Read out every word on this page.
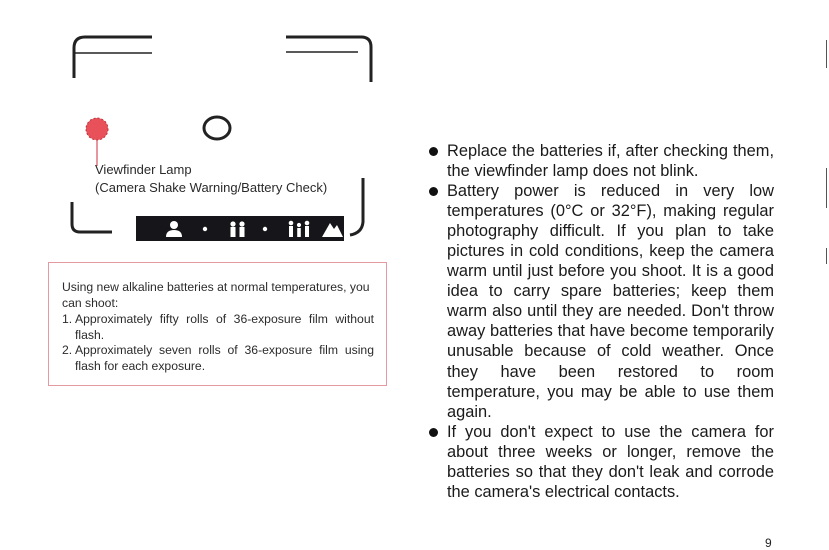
Viewfinder Lamp
(Camera Shake Warning/Battery Check)

Using new alkaline batteries at normal temperatures, you can shoot:

1. Approximately fifty rolls of 36-exposure film without flash.
2. Approximately seven rolls of 36-exposure film using flash for each exposure.
Replace the batteries if, after checking them, the viewfinder lamp does not blink.
Battery power is reduced in very low temperatures (0°C or 32°F), making regular photography difficult. If you plan to take pictures in cold conditions, keep the camera warm until just before you shoot. It is a good idea to carry spare batteries; keep them warm also until they are needed. Don't throw away batteries that have become temporarily unusable because of cold weather. Once they have been restored to room temperature, you may be able to use them again.
If you don't expect to use the camera for about three weeks or longer, remove the batteries so that they don't leak and corrode the camera's electrical contacts.
9
